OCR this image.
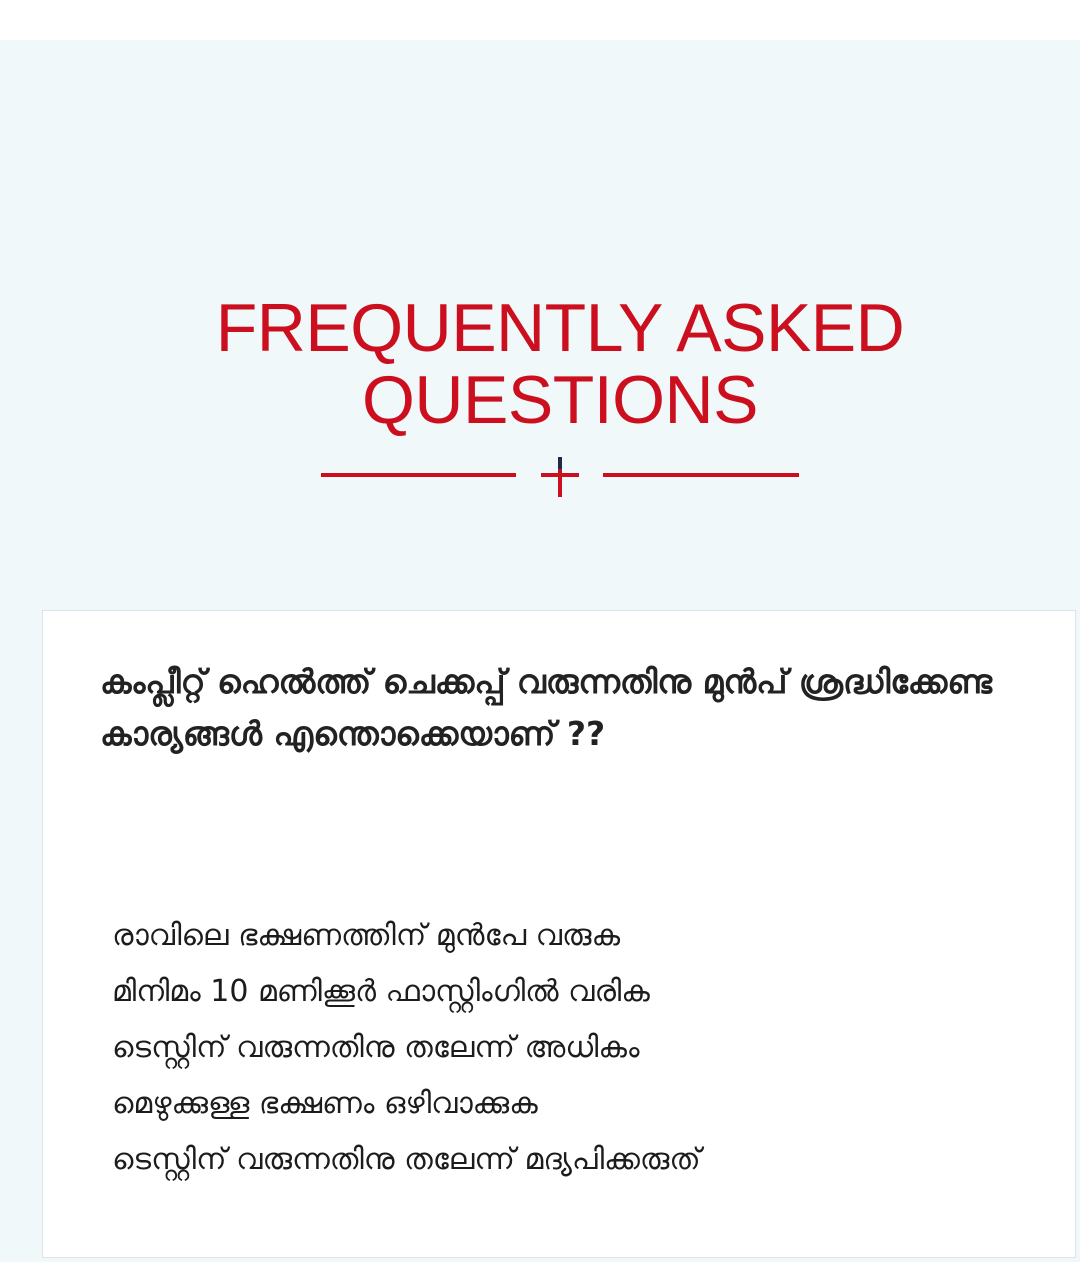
FREQUENTLY ASKED QUESTIONS

കംപ്ലീറ്റ് ഹെൽത്ത് ചെക്കപ്പ് വരുന്നതിനു മുൻപ് ശ്രദ്ധിക്കേണ്ട കാര്യങ്ങൾ എന്തൊക്കെയാണ് ??

രാവിലെ ഭക്ഷണത്തിന് മുൻപേ വരുക
മിനിമം 10 മണിക്കൂർ ഫാസ്റ്റിംഗിൽ വരിക
ടെസ്റ്റിന് വരുന്നതിനു തലേന്ന് അധികം
മെഴുക്കുള്ള ഭക്ഷണം ഒഴിവാക്കുക
ടെസ്റ്റിന് വരുന്നതിനു തലേന്ന് മദ്യപിക്കരുത്
